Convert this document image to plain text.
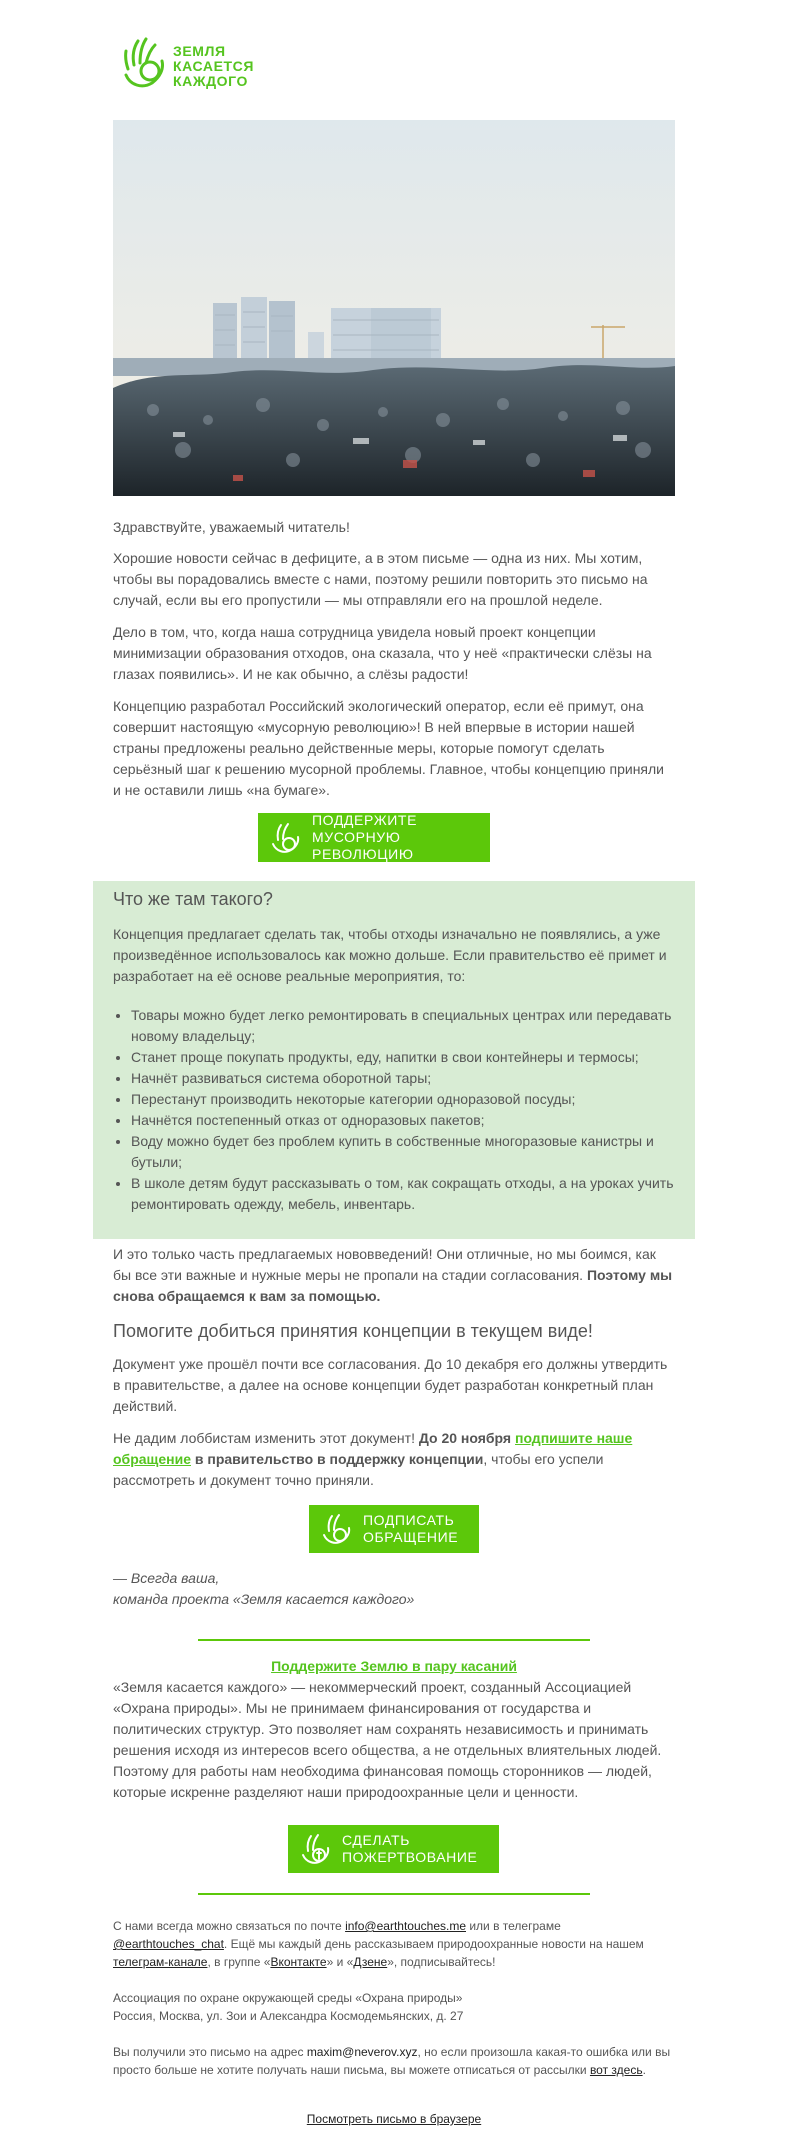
ЗЕМЛЯ
КАСАЕТСЯ
КАЖДОГО

Здравствуйте, уважаемый читатель!

Хорошие новости сейчас в дефиците, а в этом письме — одна из них. Мы хотим, чтобы вы порадовались вместе с нами, поэтому решили повторить это письмо на случай, если вы его пропустили — мы отправляли его на прошлой неделе.

Дело в том, что, когда наша сотрудница увидела новый проект концепции минимизации образования отходов, она сказала, что у неё «практически слёзы на глазах появились». И не как обычно, а слёзы радости!

Концепцию разработал Российский экологический оператор, если её примут, она совершит настоящую «мусорную революцию»! В ней впервые в истории нашей страны предложены реально действенные меры, которые помогут сделать серьёзный шаг к решению мусорной проблемы. Главное, чтобы концепцию приняли и не оставили лишь «на бумаге».

ПОДДЕРЖИТЕ
МУСОРНУЮ РЕВОЛЮЦИЮ
Что же там такого?

Концепция предлагает сделать так, чтобы отходы изначально не появлялись, а уже произведённое использовалось как можно дольше. Если правительство её примет и разработает на её основе реальные мероприятия, то:

• Товары можно будет легко ремонтировать в специальных центрах или передавать новому владельцу;
• Станет проще покупать продукты, еду, напитки в свои контейнеры и термосы;
• Начнёт развиваться система оборотной тары;
• Перестанут производить некоторые категории одноразовой посуды;
• Начнётся постепенный отказ от одноразовых пакетов;
• Воду можно будет без проблем купить в собственные многоразовые канистры и бутыли;
• В школе детям будут рассказывать о том, как сокращать отходы, а на уроках учить ремонтировать одежду, мебель, инвентарь.

И это только часть предлагаемых нововведений! Они отличные, но мы боимся, как бы все эти важные и нужные меры не пропали на стадии согласования. Поэтому мы снова обращаемся к вам за помощью.

Помогите добиться принятия концепции в текущем виде!

Документ уже прошёл почти все согласования. До 10 декабря его должны утвердить в правительстве, а далее на основе концепции будет разработан конкретный план действий.

Не дадим лоббистам изменить этот документ! До 20 ноября подпишите наше обращение в правительство в поддержку концепции, чтобы его успели рассмотреть и документ точно приняли.

ПОДПИСАТЬ
ОБРАЩЕНИЕ

— Всегда ваша,

команда проекта «Земля касается каждого»

Поддержите Землю в пару касаний

«Земля касается каждого» — некоммерческий проект, созданный Ассоциацией «Охрана природы». Мы не принимаем финансирования от государства и политических структур. Это позволяет нам сохранять независимость и принимать решения исходя из интересов всего общества, а не отдельных влиятельных людей. Поэтому для работы нам необходима финансовая помощь сторонников — людей, которые искренне разделяют наши природоохранные цели и ценности.

СДЕЛАТЬ
ПОЖЕРТВОВАНИЕ
С нами всегда можно связаться по почте info@earthtouches.me или в телеграме @earthtouches_chat. Ещё мы каждый день рассказываем природоохранные новости на нашем телеграм-канале, в группе «Вконтакте» и «Дзене», подписывайтесь!
Ассоциация по охране окружающей среды «Охрана природы»
Россия, Москва, ул. Зои и Александра Космодемьянских, д. 27
Вы получили это письмо на адрес maxim@neverov.xyz, но если произошла какая-то ошибка или вы просто больше не хотите получать наши письма, вы можете отписаться от рассылки вот здесь.
Посмотреть письмо в браузере
